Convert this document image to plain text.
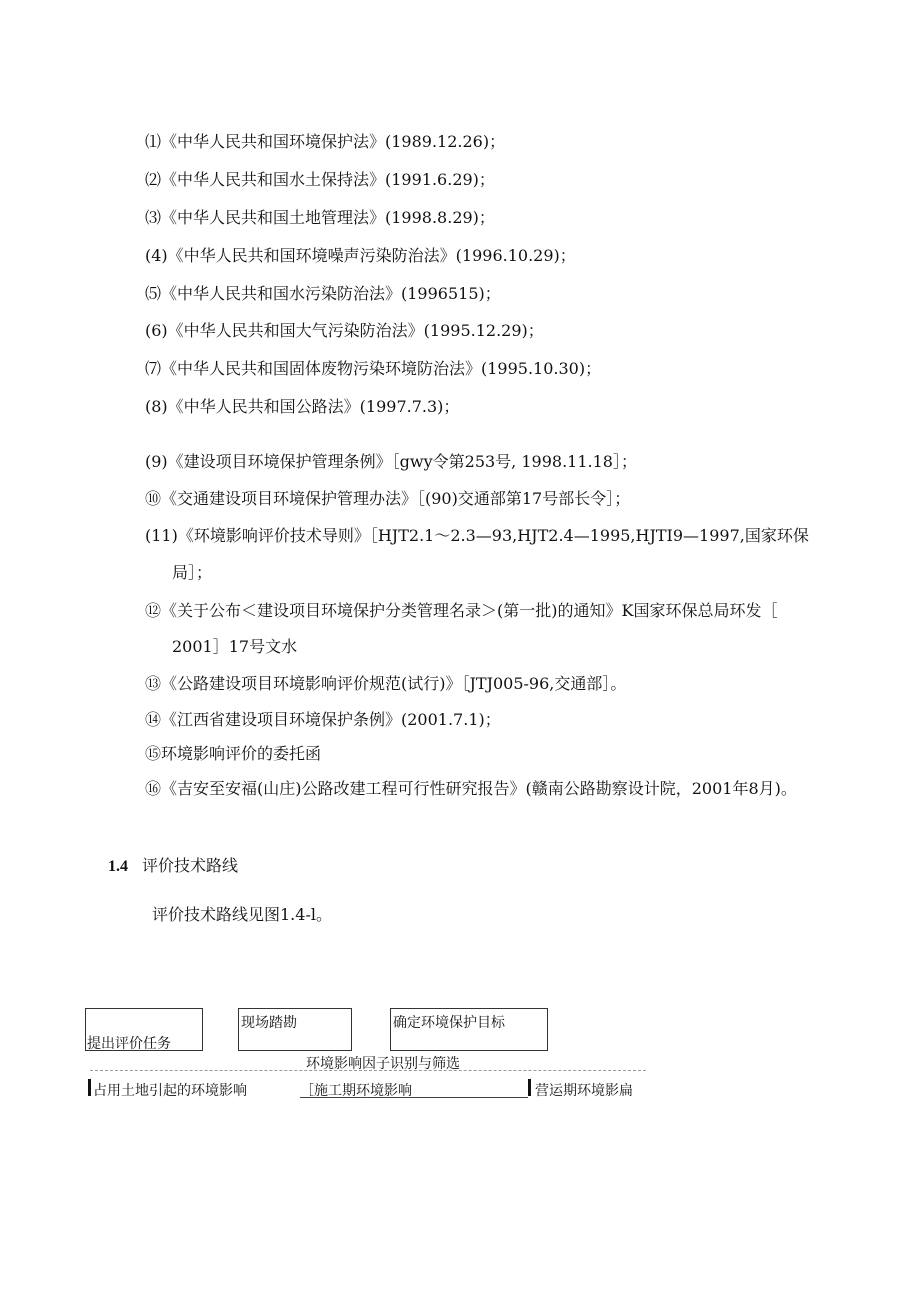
⑴《中华人民共和国环境保护法》(1989.12.26)；
⑵《中华人民共和国水土保持法》(1991.6.29)；
⑶《中华人民共和国土地管理法》(1998.8.29)；
(4)《中华人民共和国环境噪声污染防治法》(1996.10.29)；
⑸《中华人民共和国水污染防治法》(1996515)；
(6)《中华人民共和国大气污染防治法》(1995.12.29)；
⑺《中华人民共和国固体废物污染环境防治法》(1995.10.30)；
(8)《中华人民共和国公路法》(1997.7.3)；
(9)《建设项目环境保护管理条例》［gwy令第253号, 1998.11.18］；
⑩《交通建设项目环境保护管理办法》［(90)交通部第17号部长令］；
(11)《环境影响评价技术导则》［HJT2.1～2.3—93,HJT2.4—1995,HJTI9—1997,国家环保
局］；
⑫《关于公布＜建设项目环境保护分类管理名录＞(第一批)的通知》K国家环保总局环发［
2001］17号文水
⑬《公路建设项目环境影响评价规范(试行)》［JTJ005-96,交通部］。
⑭《江西省建设项目环境保护条例》(2001.7.1)；
⑮环境影响评价的委托函
⑯《吉安至安福(山庄)公路改建工程可行性研究报告》(赣南公路勘察设计院，2001年8月)。
1.4 评价技术路线
评价技术路线见图1.4-l。
提出评价任务
现场踏勘	确定环境保护目标
环境影响因子识别与筛选
占用土地引起的环境影响	［施工期环境影响	营运期环境影扁
